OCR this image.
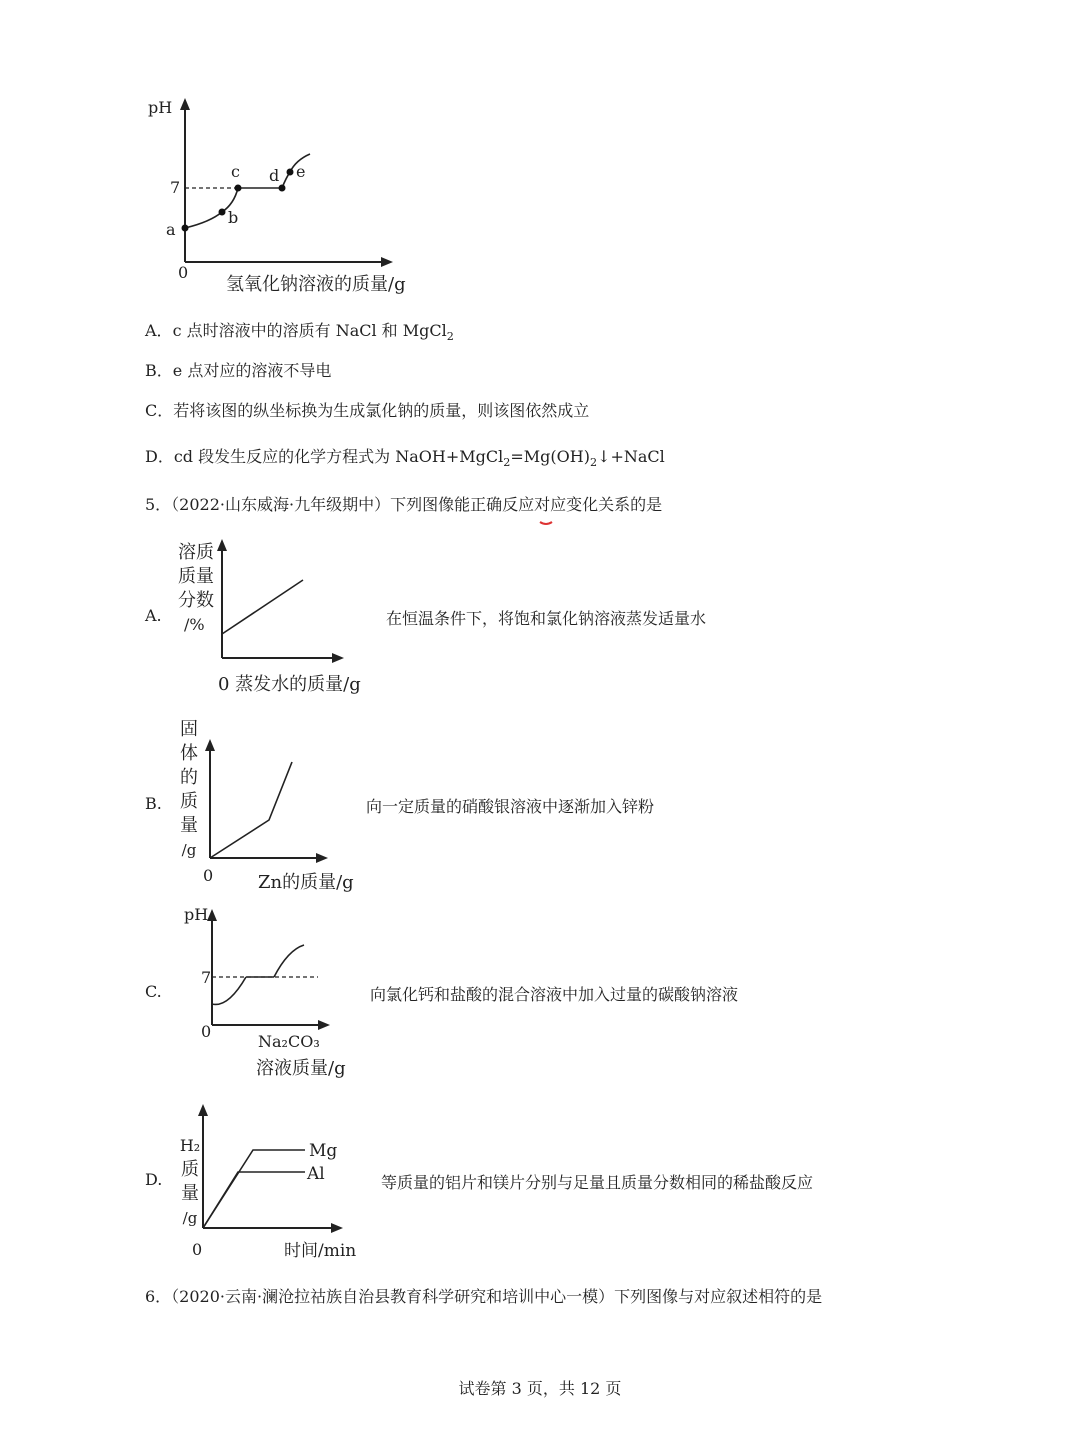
pH
7
0
a
b
c d e
氢氧化钠溶液的质量/g
A．c 点时溶液中的溶质有 NaCl 和 MgCl$_2$
B．e 点对应的溶液不导电
C．若将该图的纵坐标换为生成氯化钠的质量，则该图依然成立
D．cd 段发生反应的化学方程式为 $NaOH+MgCl_2=Mg(OH)_2↓+NaCl$
5．（2022·山东威海·九年级期中）下列图像能正确反应对应变化关系的是
A.
溶质
质量
分数
/%
0 蒸发水的质量/g
在恒温条件下，将饱和氯化钠溶液蒸发适量水
B.
固
体
的
质
量
/g
0 Zn的质量/g
向一定质量的硝酸银溶液中逐渐加入锌粉
C.
pH
7
0
Na₂CO₃
溶液质量/g
向氯化钙和盐酸的混合溶液中加入过量的碳酸钠溶液
D.
H₂
质
量
/g
Mg
Al
0	时间/min
等质量的铝片和镁片分别与足量且质量分数相同的稀盐酸反应
6．（2020·云南·澜沧拉祜族自治县教育科学研究和培训中心一模）下列图像与对应叙述相符的是
试卷第 3 页，共 12 页
